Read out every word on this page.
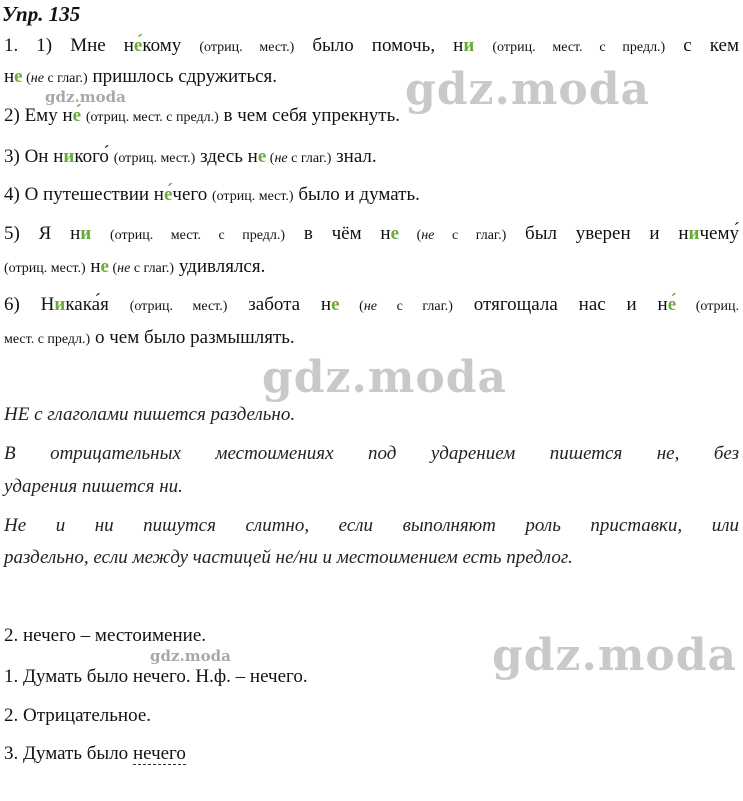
Упр. 135
1. 1) Мне не́кому (отриц. мест.) было помочь, ни (отриц. мест. с предл.) с кем
не (не с глаг.) пришлось сдружиться.
2) Ему не́ (отриц. мест. с предл.) в чем себя упрекнуть.
3) Он никого́ (отриц. мест.) здесь не (не с глаг.) знал.
4) О путешествии не́чего (отриц. мест.) было и думать.
5) Я ни (отриц. мест. с предл.) в чём не (не с глаг.) был уверен и ничему́
(отриц. мест.) не (не с глаг.) удивлялся.
6) Никака́я (отриц. мест.) забота не (не с глаг.) отягощала нас и не́ (отриц.
мест. с предл.) о чем было размышлять.
НЕ с глаголами пишется раздельно.
В отрицательных местоимениях под ударением пишется не, без
ударения пишется ни.
Не и ни пишутся слитно, если выполняют роль приставки, или
раздельно, если между частицей не/ни и местоимением есть предлог.
2. нечего – местоимение.
1. Думать было нечего. Н.ф. – нечего.
2. Отрицательное.
3. Думать было нечего
gdz.moda
gdz.moda
gdz.moda
gdz.moda	gdz.moda
